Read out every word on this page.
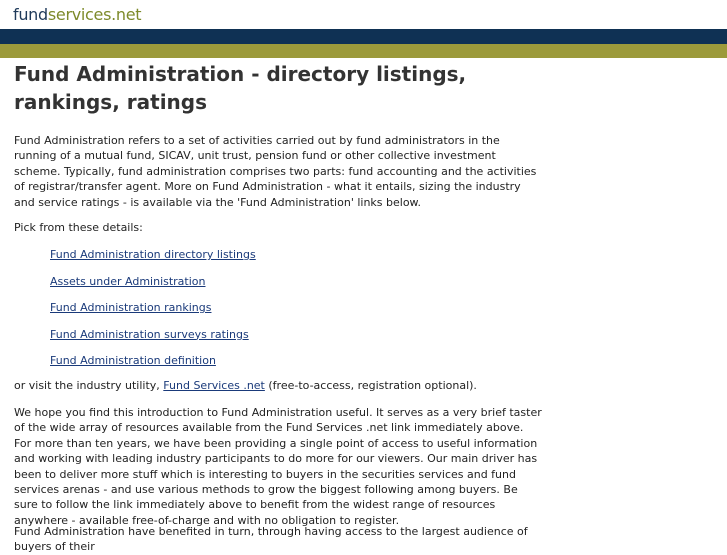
fundservices.net
Fund Administration - directory listings, rankings, ratings

Fund Administration refers to a set of activities carried out by fund administrators in the running of a mutual fund, SICAV, unit trust, pension fund or other collective investment scheme. Typically, fund administration comprises two parts: fund accounting and the activities of registrar/transfer agent. More on Fund Administration - what it entails, sizing the industry and service ratings - is available via the 'Fund Administration' links below.

Pick from these details:

Fund Administration directory listings
Assets under Administration
Fund Administration rankings
Fund Administration surveys ratings
Fund Administration definition

or visit the industry utility, Fund Services .net (free-to-access, registration optional).

We hope you find this introduction to Fund Administration useful. It serves as a very brief taster of the wide array of resources available from the Fund Services .net link immediately above. For more than ten years, we have been providing a single point of access to useful information and working with leading industry participants to do more for our viewers. Our main driver has been to deliver more stuff which is interesting to buyers in the securities services and fund services arenas - and use various methods to grow the biggest following among buyers. Be sure to follow the link immediately above to benefit from the widest range of resources anywhere - available free-of-charge and with no obligation to register.

Fund Administration have benefited in turn, through having access to the largest audience of buyers of their
